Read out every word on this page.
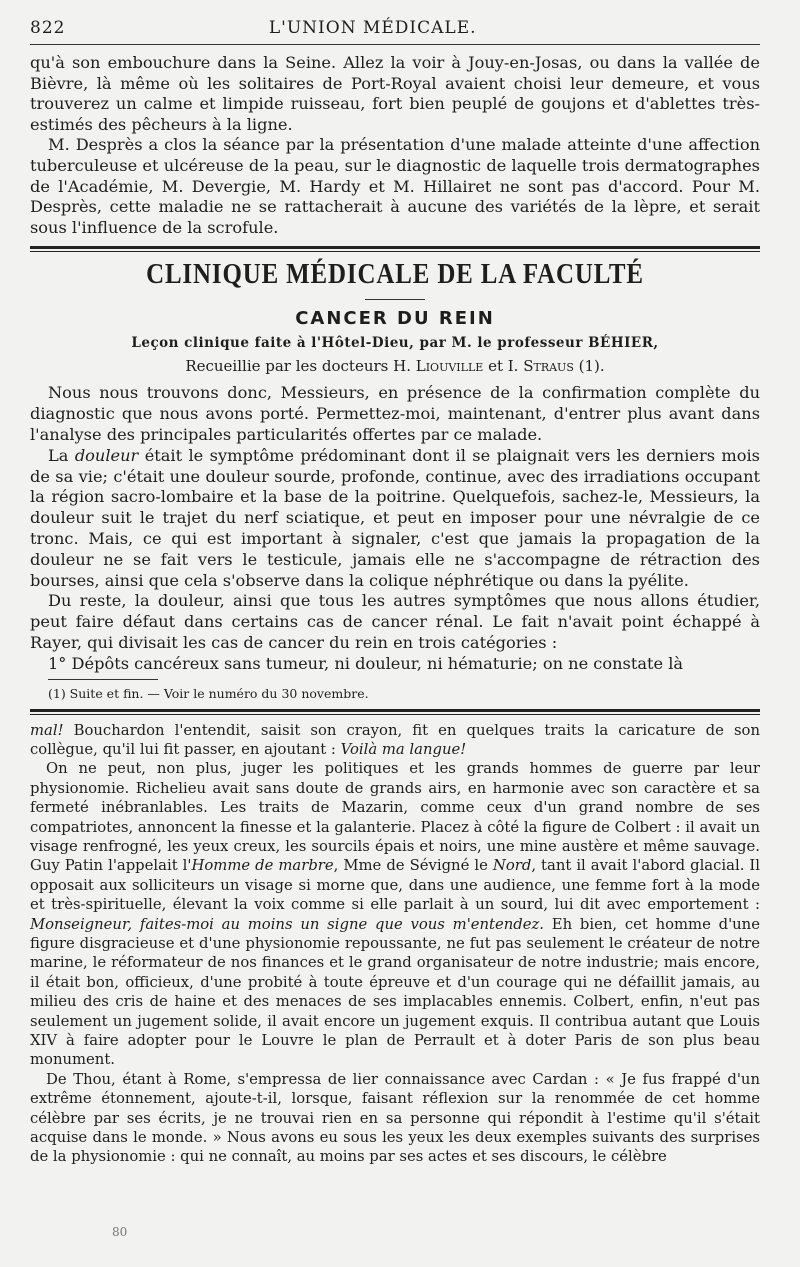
822	L'UNION MÉDICALE.

qu'à son embouchure dans la Seine. Allez la voir à Jouy-en-Josas, ou dans la vallée de Bièvre, là même où les solitaires de Port-Royal avaient choisi leur demeure, et vous trouverez un calme et limpide ruisseau, fort bien peuplé de goujons et d'ablettes très-estimés des pêcheurs à la ligne.

M. Desprès a clos la séance par la présentation d'une malade atteinte d'une affection tuberculeuse et ulcéreuse de la peau, sur le diagnostic de laquelle trois dermatographes de l'Académie, M. Devergie, M. Hardy et M. Hillairet ne sont pas d'accord. Pour M. Desprès, cette maladie ne se rattacherait à aucune des variétés de la lèpre, et serait sous l'influence de la scrofule.

CLINIQUE MÉDICALE DE LA FACULTÉ
CANCER DU REIN
Leçon clinique faite à l'Hôtel-Dieu, par M. le professeur BÉHIER,
Recueillie par les docteurs H. Liouville et I. Straus (1).

Nous nous trouvons donc, Messieurs, en présence de la confirmation complète du diagnostic que nous avons porté. Permettez-moi, maintenant, d'entrer plus avant dans l'analyse des principales particularités offertes par ce malade.

La douleur était le symptôme prédominant dont il se plaignait vers les derniers mois de sa vie; c'était une douleur sourde, profonde, continue, avec des irradiations occupant la région sacro-lombaire et la base de la poitrine. Quelquefois, sachez-le, Messieurs, la douleur suit le trajet du nerf sciatique, et peut en imposer pour une névralgie de ce tronc. Mais, ce qui est important à signaler, c'est que jamais la propagation de la douleur ne se fait vers le testicule, jamais elle ne s'accompagne de rétraction des bourses, ainsi que cela s'observe dans la colique néphrétique ou dans la pyélite.

Du reste, la douleur, ainsi que tous les autres symptômes que nous allons étudier, peut faire défaut dans certains cas de cancer rénal. Le fait n'avait point échappé à Rayer, qui divisait les cas de cancer du rein en trois catégories :

1° Dépôts cancéreux sans tumeur, ni douleur, ni hématurie; on ne constate là

(1) Suite et fin. — Voir le numéro du 30 novembre.

mal! Bouchardon l'entendit, saisit son crayon, fit en quelques traits la caricature de son collègue, qu'il lui fit passer, en ajoutant : Voilà ma langue!

On ne peut, non plus, juger les politiques et les grands hommes de guerre par leur physionomie. Richelieu avait sans doute de grands airs, en harmonie avec son caractère et sa fermeté inébranlables. Les traits de Mazarin, comme ceux d'un grand nombre de ses compatriotes, annoncent la finesse et la galanterie. Placez à côté la figure de Colbert : il avait un visage renfrogné, les yeux creux, les sourcils épais et noirs, une mine austère et même sauvage. Guy Patin l'appelait l'Homme de marbre, Mme de Sévigné le Nord, tant il avait l'abord glacial. Il opposait aux solliciteurs un visage si morne que, dans une audience, une femme fort à la mode et très-spirituelle, élevant la voix comme si elle parlait à un sourd, lui dit avec emportement : Monseigneur, faites-moi au moins un signe que vous m'entendez. Eh bien, cet homme d'une figure disgracieuse et d'une physionomie repoussante, ne fut pas seulement le créateur de notre marine, le réformateur de nos finances et le grand organisateur de notre industrie; mais encore, il était bon, officieux, d'une probité à toute épreuve et d'un courage qui ne défaillit jamais, au milieu des cris de haine et des menaces de ses implacables ennemis. Colbert, enfin, n'eut pas seulement un jugement solide, il avait encore un jugement exquis. Il contribua autant que Louis XIV à faire adopter pour le Louvre le plan de Perrault et à doter Paris de son plus beau monument.

De Thou, étant à Rome, s'empressa de lier connaissance avec Cardan : « Je fus frappé d'un extrême étonnement, ajoute-t-il, lorsque, faisant réflexion sur la renommée de cet homme célèbre par ses écrits, je ne trouvai rien en sa personne qui répondit à l'estime qu'il s'était acquise dans le monde. » Nous avons eu sous les yeux les deux exemples suivants des surprises de la physionomie : qui ne connaît, au moins par ses actes et ses discours, le célèbre

80
